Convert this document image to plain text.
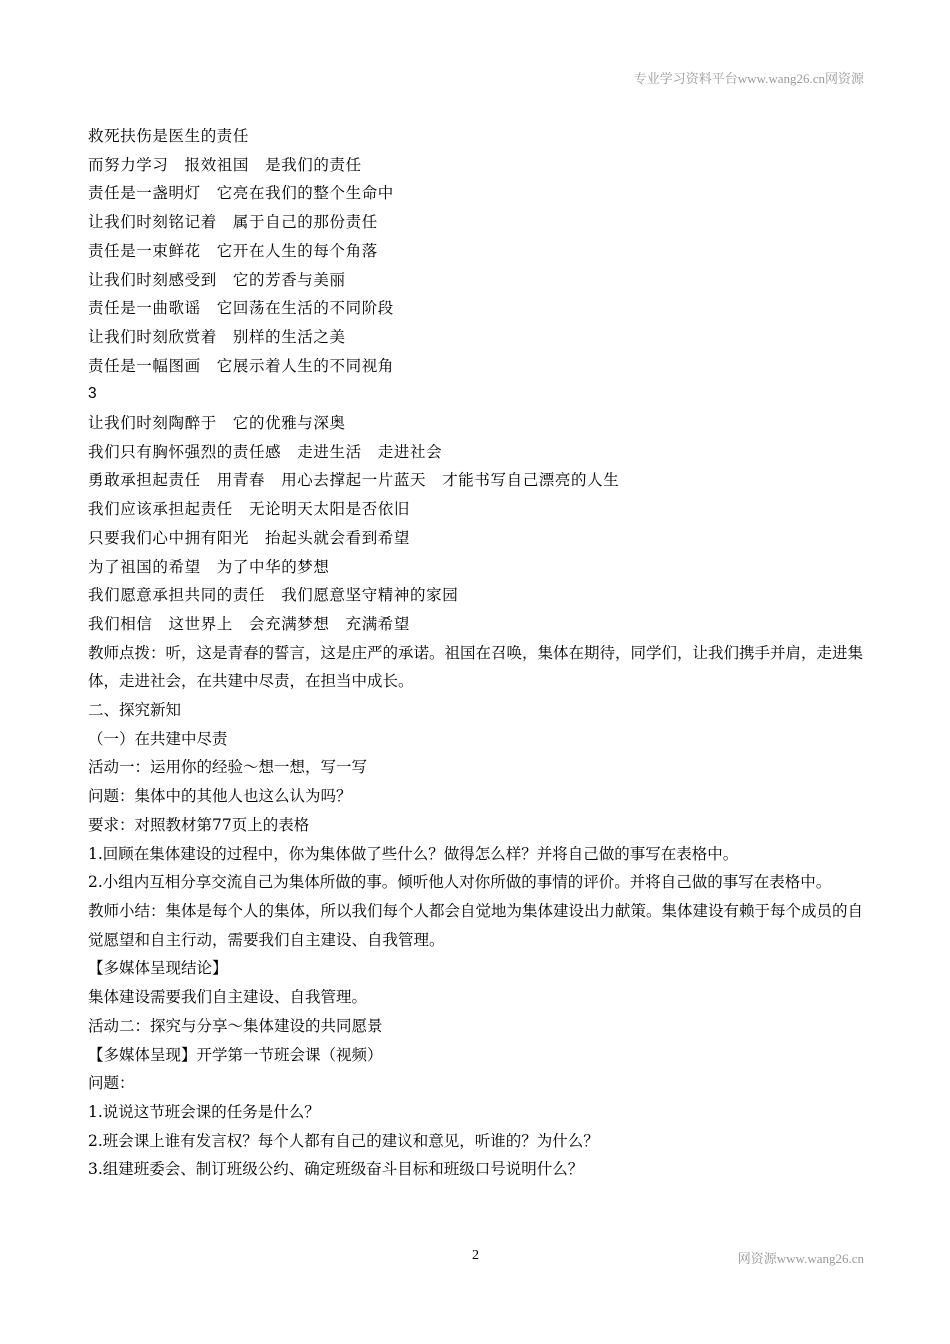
专业学习资料平台www.wang26.cn网资源
救死扶伤是医生的责任
而努力学习　报效祖国　是我们的责任
责任是一盏明灯　它亮在我们的整个生命中
让我们时刻铭记着　属于自己的那份责任
责任是一束鲜花　它开在人生的每个角落
让我们时刻感受到　它的芳香与美丽
责任是一曲歌谣　它回荡在生活的不同阶段
让我们时刻欣赏着　别样的生活之美
责任是一幅图画　它展示着人生的不同视角
3
让我们时刻陶醉于　它的优雅与深奥
我们只有胸怀强烈的责任感　走进生活　走进社会
勇敢承担起责任　用青春　用心去撑起一片蓝天　才能书写自己漂亮的人生
我们应该承担起责任　无论明天太阳是否依旧
只要我们心中拥有阳光　抬起头就会看到希望
为了祖国的希望　为了中华的梦想
我们愿意承担共同的责任　我们愿意坚守精神的家园
我们相信　这世界上　会充满梦想　充满希望
教师点拨：听，这是青春的誓言，这是庄严的承诺。祖国在召唤，集体在期待，同学们，让我们携手并肩，走进集体，走进社会，在共建中尽责，在担当中成长。
二、探究新知
（一）在共建中尽责
活动一：运用你的经验～想一想，写一写
问题：集体中的其他人也这么认为吗？
要求：对照教材第77页上的表格
1.回顾在集体建设的过程中，你为集体做了些什么？做得怎么样？并将自己做的事写在表格中。
2.小组内互相分享交流自己为集体所做的事。倾听他人对你所做的事情的评价。并将自己做的事写在表格中。
教师小结：集体是每个人的集体，所以我们每个人都会自觉地为集体建设出力献策。集体建设有赖于每个成员的自觉愿望和自主行动，需要我们自主建设、自我管理。
【多媒体呈现结论】
集体建设需要我们自主建设、自我管理。
活动二：探究与分享～集体建设的共同愿景
【多媒体呈现】开学第一节班会课（视频）
问题：
1.说说这节班会课的任务是什么？
2.班会课上谁有发言权？每个人都有自己的建议和意见，听谁的？为什么？
3.组建班委会、制订班级公约、确定班级奋斗目标和班级口号说明什么？
2	网资源www.wang26.cn
